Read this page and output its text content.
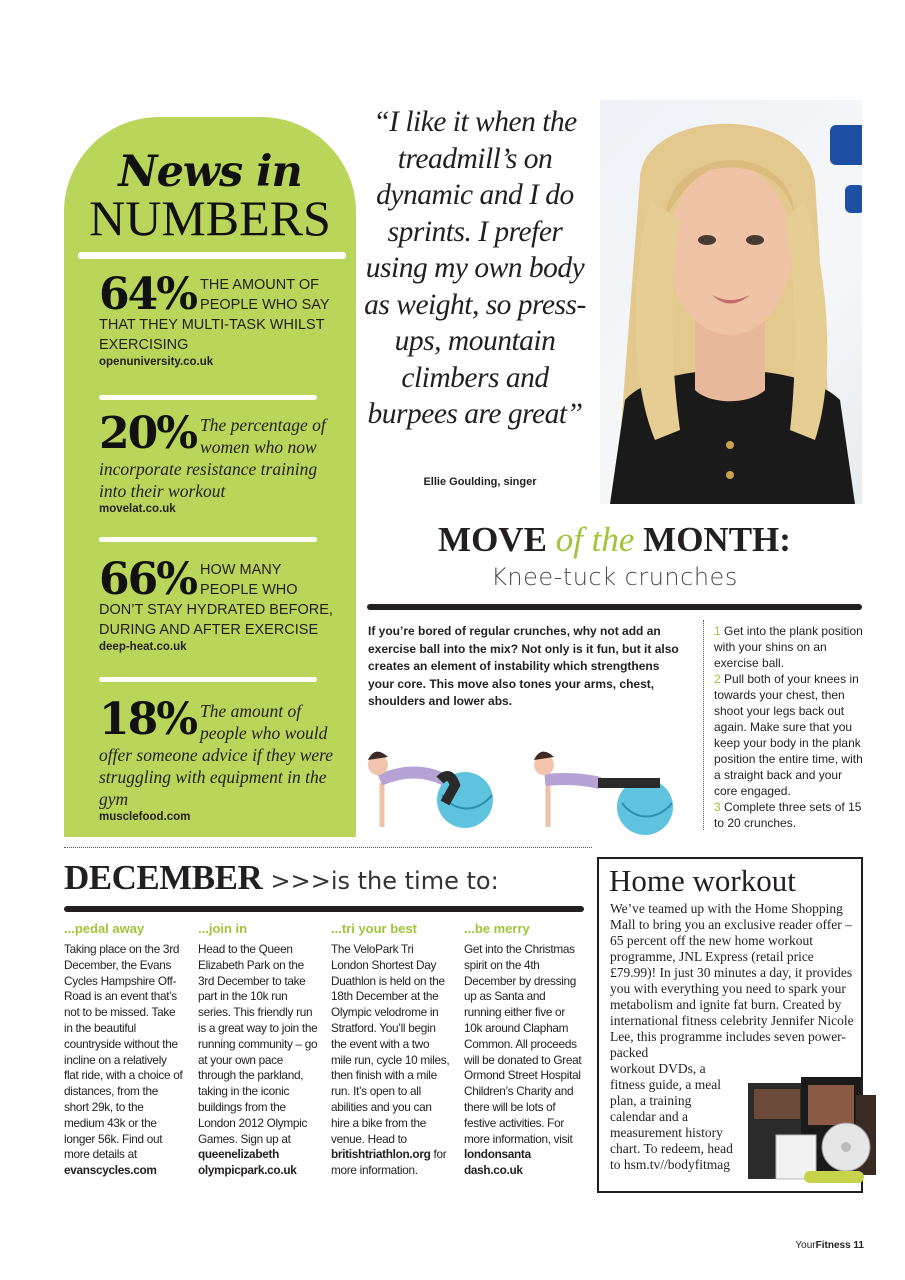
News in
NUMBERS
64% THE AMOUNT OF PEOPLE WHO SAY THAT THEY MULTI-TASK WHILST EXERCISING
openuniversity.co.uk
20% The percentage of women who now incorporate resistance training into their workout
movelat.co.uk
66% HOW MANY PEOPLE WHO DON’T STAY HYDRATED BEFORE, DURING AND AFTER EXERCISE
deep-heat.co.uk
18% The amount of people who would offer someone advice if they were struggling with equipment in the gym
musclefood.com
“I like it when the treadmill’s on dynamic and I do sprints. I prefer using my own body as weight, so press-ups, mountain climbers and burpees are great”
Ellie Goulding, singer
MOVE of the MONTH:
Knee-tuck crunches
If you’re bored of regular crunches, why not add an exercise ball into the mix? Not only is it fun, but it also creates an element of instability which strengthens your core. This move also tones your arms, chest, shoulders and lower abs.
1 Get into the plank position with your shins on an exercise ball.
2 Pull both of your knees in towards your chest, then shoot your legs back out again. Make sure that you keep your body in the plank position the entire time, with a straight back and your core engaged.
3 Complete three sets of 15 to 20 crunches.
DECEMBER >>>is the time to:
...pedal away

Taking place on the 3rd December, the Evans Cycles Hampshire Off-Road is an event that’s not to be missed. Take in the beautiful countryside without the incline on a relatively flat ride, with a choice of distances, from the short 29k, to the medium 43k or the longer 56k. Find out more details at evanscycles.com

...join in

Head to the Queen Elizabeth Park on the 3rd December to take part in the 10k run series. This friendly run is a great way to join the running community – go at your own pace through the parkland, taking in the iconic buildings from the London 2012 Olympic Games. Sign up at queenelizabeth olympicpark.co.uk

...tri your best

The VeloPark Tri London Shortest Day Duathlon is held on the 18th December at the Olympic velodrome in Stratford. You’ll begin the event with a two mile run, cycle 10 miles, then finish with a mile run. It’s open to all abilities and you can hire a bike from the venue. Head to britishtriathlon.org for more information.

...be merry

Get into the Christmas spirit on the 4th December by dressing up as Santa and running either five or 10k around Clapham Common. All proceeds will be donated to Great Ormond Street Hospital Children’s Charity and there will be lots of festive activities. For more information, visit londonsanta dash.co.uk

Home workout
We’ve teamed up with the Home Shopping Mall to bring you an exclusive reader offer – 65 percent off the new home workout programme, JNL Express (retail price £79.99)! In just 30 minutes a day, it provides you with everything you need to spark your metabolism and ignite fat burn. Created by international fitness celebrity Jennifer Nicole Lee, this programme includes seven power-packed
workout DVDs, a fitness guide, a meal plan, a training calendar and a measurement history chart. To redeem, head to hsm.tv//bodyfitmag
YourFitness 11
